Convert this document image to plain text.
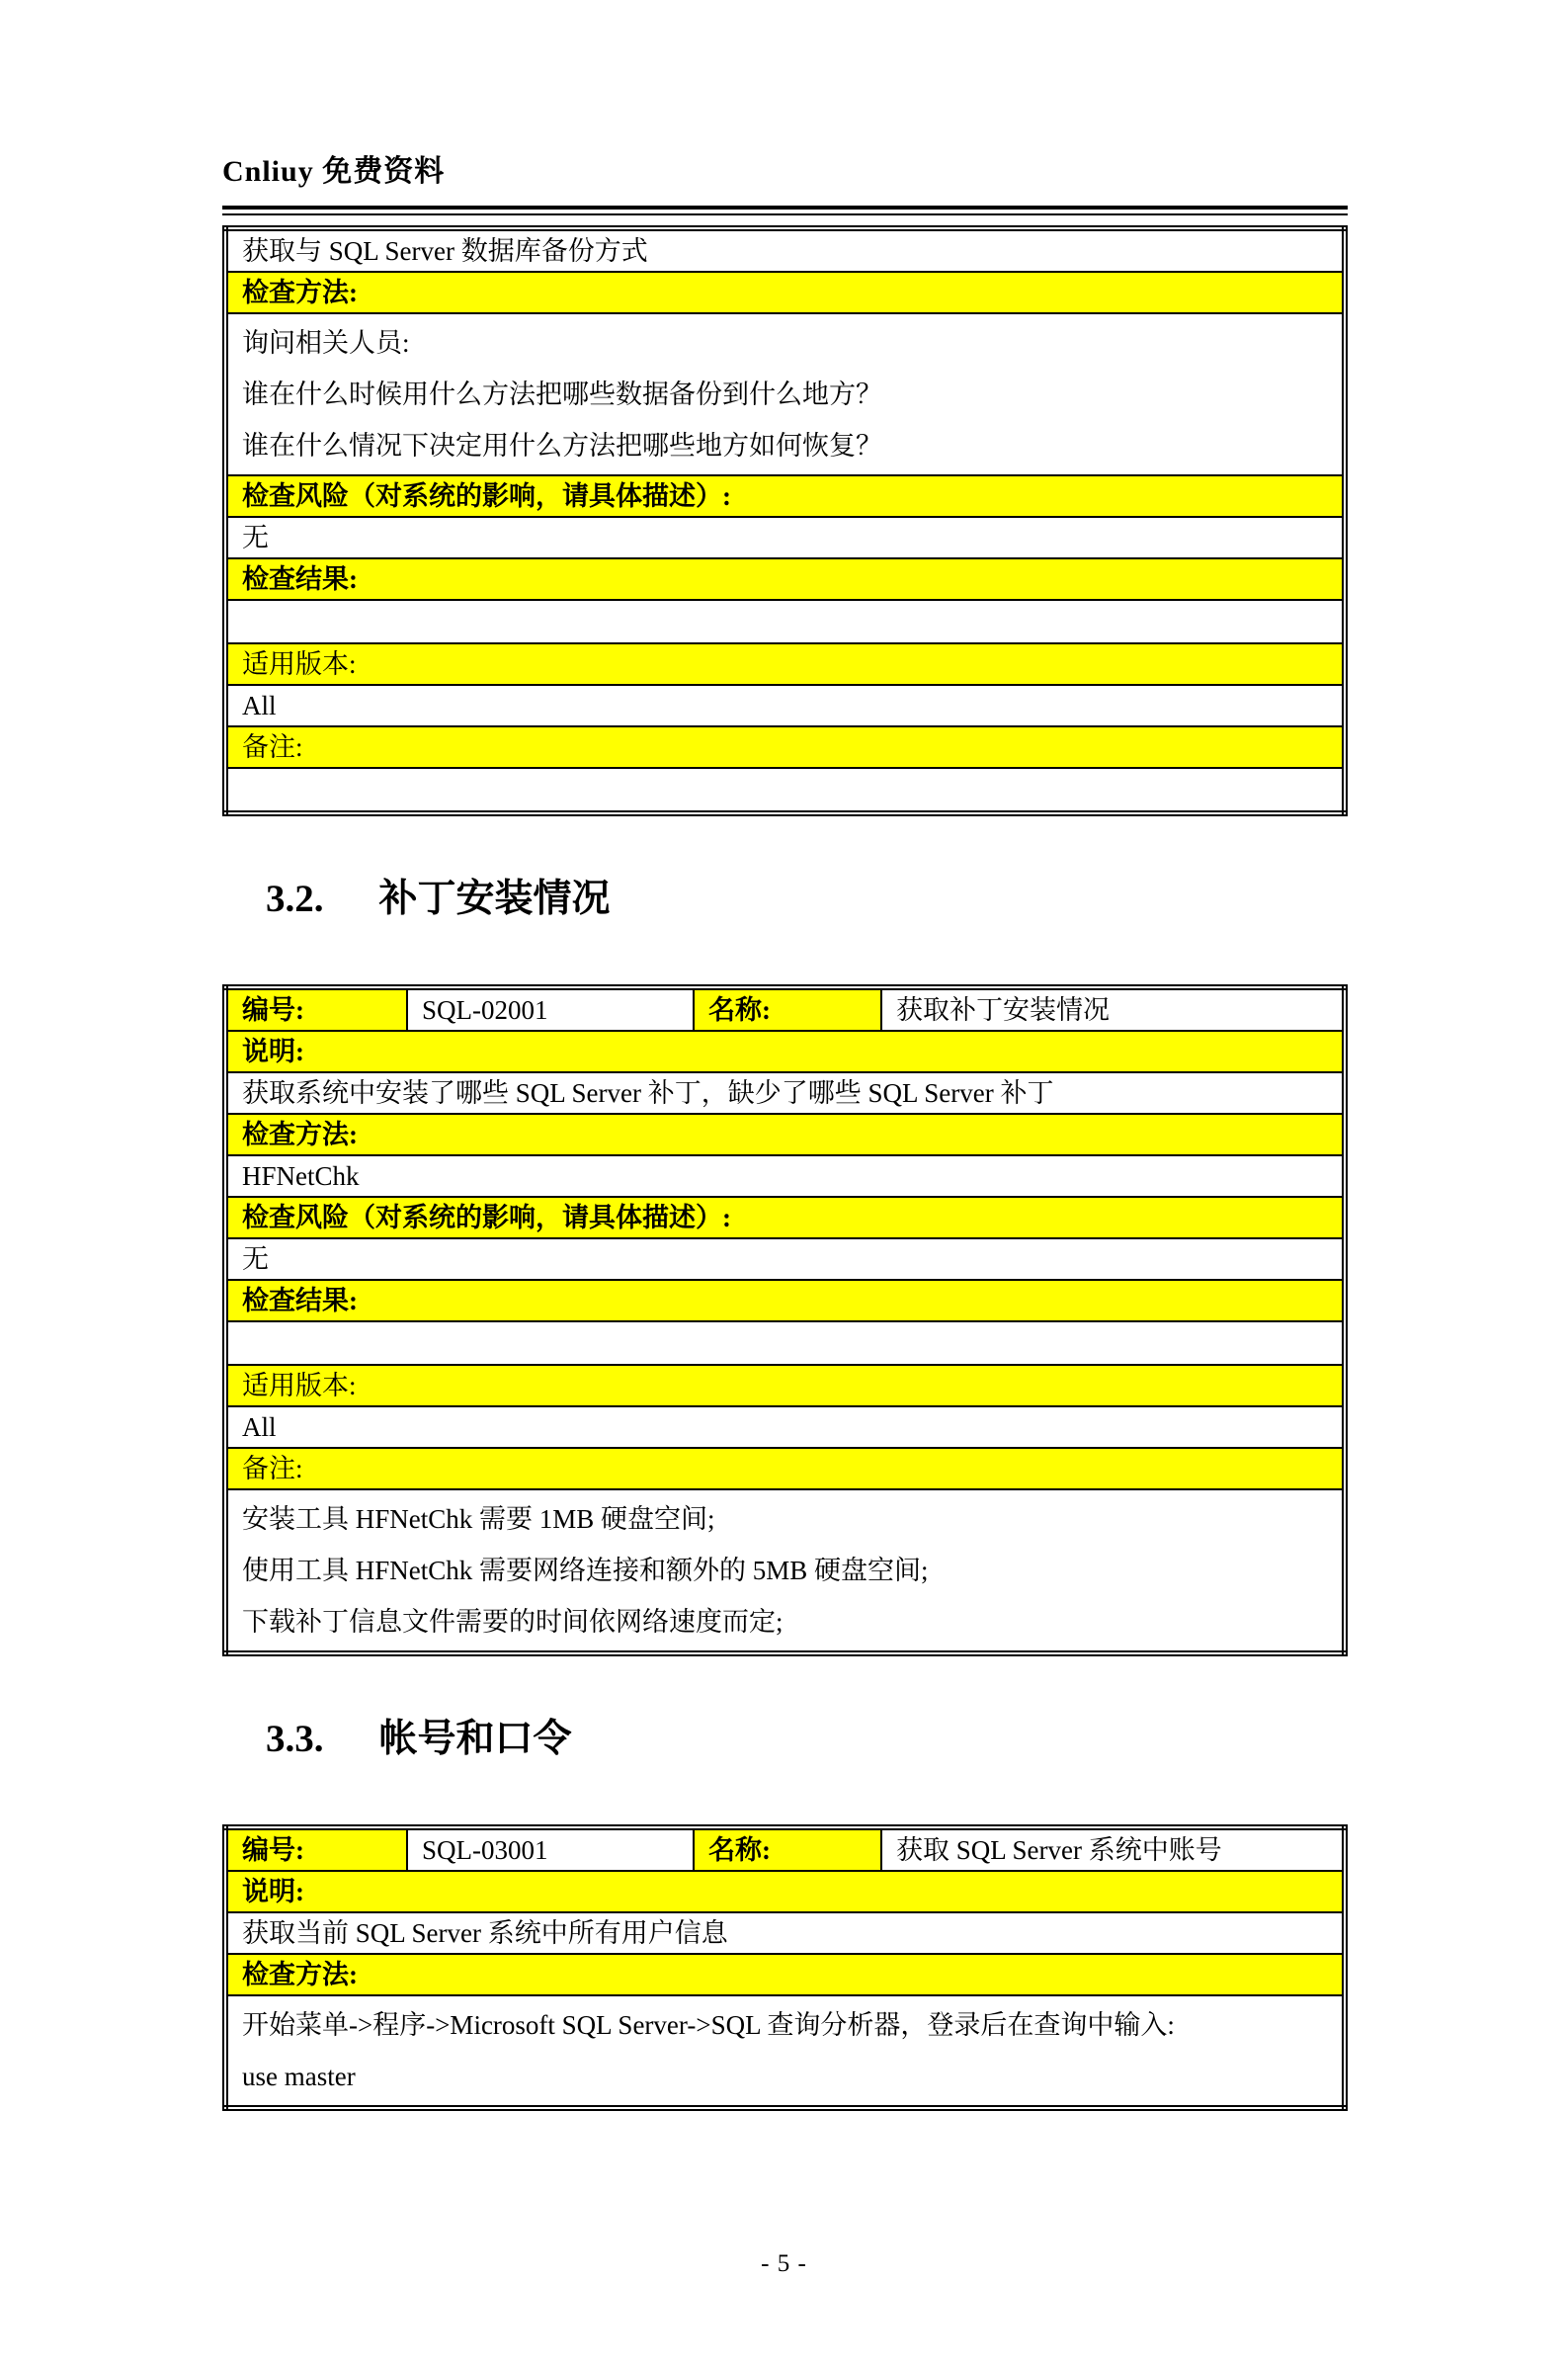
Cnliuy 免费资料
获取与 SQL Server 数据库备份方式
检查方法:

询问相关人员:
谁在什么时候用什么方法把哪些数据备份到什么地方？
谁在什么情况下决定用什么方法把哪些地方如何恢复？

检查风险（对系统的影响，请具体描述）:
无
检查结果:

适用版本:
All
备注:

3.2. 补丁安装情况
编号:	SQL-02001	名称:	获取补丁安装情况
说明:
获取系统中安装了哪些 SQL Server 补丁，缺少了哪些 SQL Server 补丁
检查方法:
HFNetChk
检查风险（对系统的影响，请具体描述）:
无
检查结果:

适用版本:
All
备注:

安装工具 HFNetChk 需要 1MB 硬盘空间;
使用工具 HFNetChk 需要网络连接和额外的 5MB 硬盘空间;
下载补丁信息文件需要的时间依网络速度而定;
3.3. 帐号和口令
编号:	SQL-03001	名称:	获取 SQL Server 系统中账号
说明:
获取当前 SQL Server 系统中所有用户信息
检查方法:

开始菜单->程序->Microsoft SQL Server->SQL 查询分析器，登录后在查询中输入:
use master
- 5 -
